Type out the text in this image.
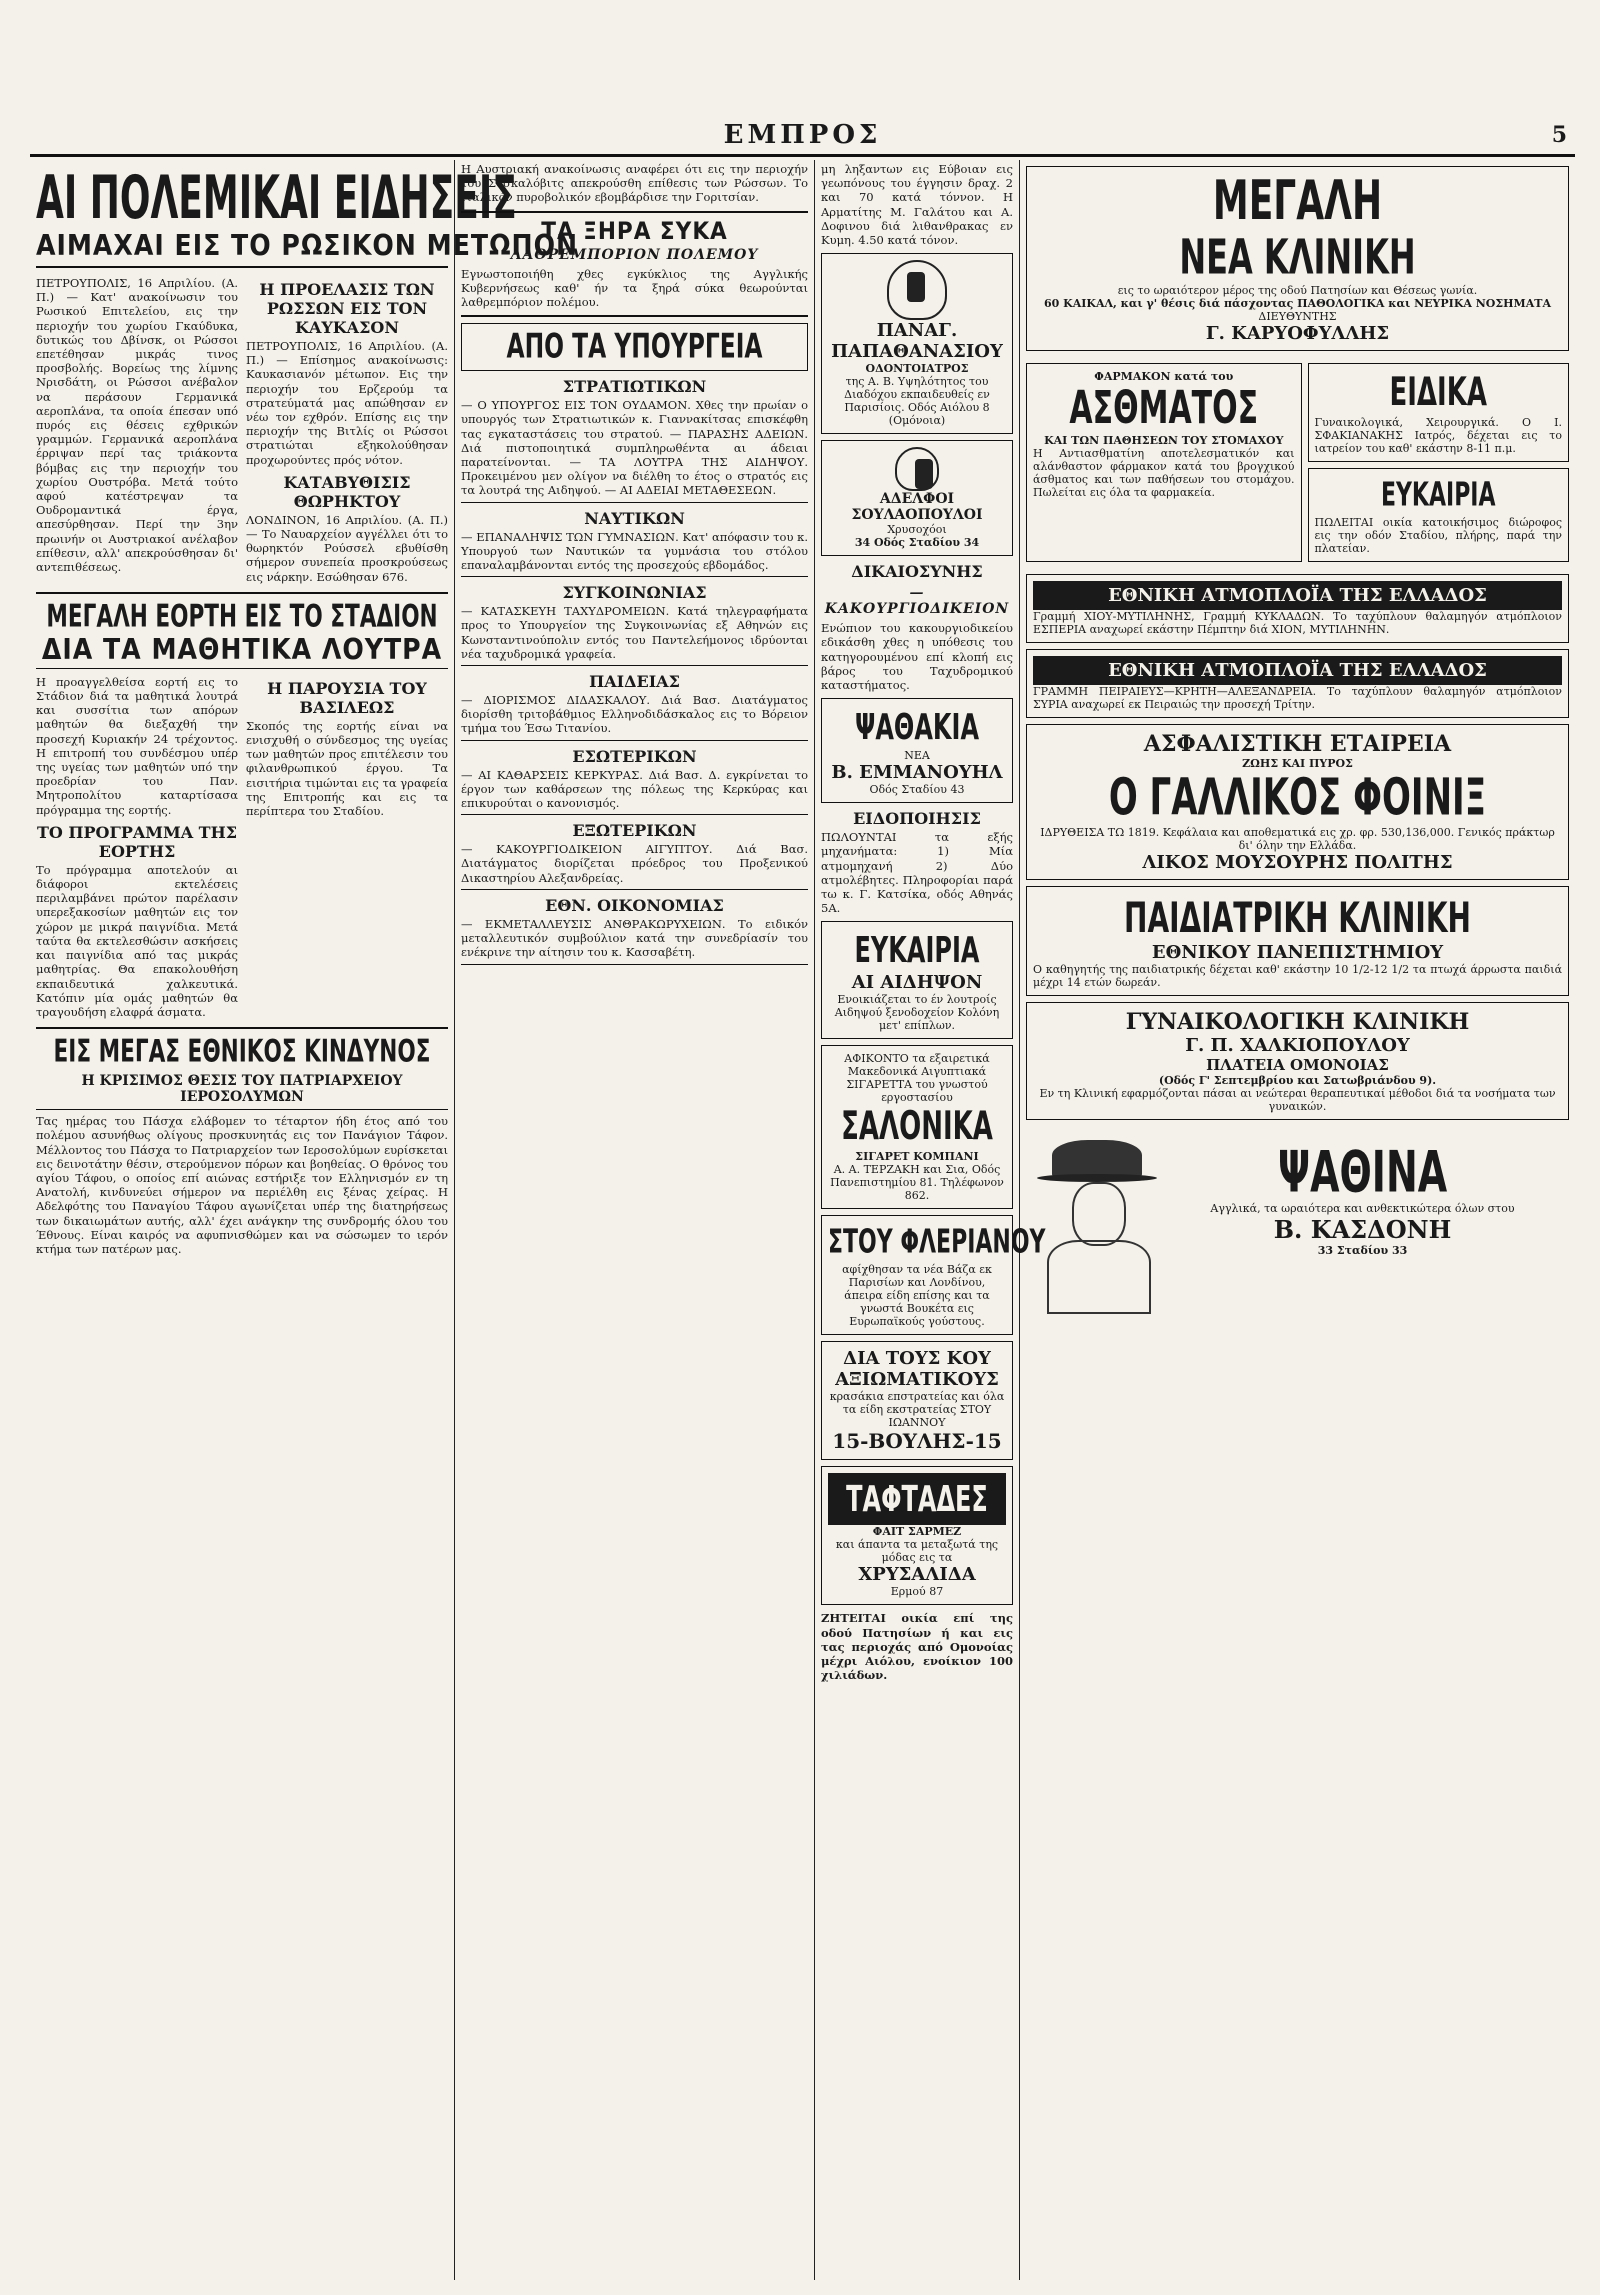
ΕΜΠΡΟΣ	5
ΑΙ ΠΟΛΕΜΙΚΑΙ ΕΙΔΗΣΕΙΣ
ΑΙΜΑΧΑΙ ΕΙΣ ΤΟ ΡΩΣΙΚΟΝ ΜΕΤΩΠΟΝ
ΠΕΤΡΟΥΠΟΛΙΣ, 16 Απριλίου. (Α. Π.) — Κατ' ανακοίνωσιν του Ρωσικού Επιτελείου, εις την περιοχήν του χωρίου Γκαύδυκα, δυτικώς του Δβίνσκ, οι Ρώσσοι επετέθησαν μικράς τινος προσβολής. Βορείως της λίμνης Νρισδάτη, οι Ρώσσοι ανέβαλον να περάσουν Γερμανικά αεροπλάνα, τα οποία έπεσαν υπό πυρός εις θέσεις εχθρικών γραμμών. Γερμανικά αεροπλάνα έρριψαν περί τας τριάκοντα βόμβας εις την περιοχήν του χωρίου Ουστρόβα. Μετά τούτο αφού κατέστρεψαν τα Ουδρομαντικά έργα, απεσύρθησαν. Περί την 3ην πρωινήν οι Αυστριακοί ανέλαβον επίθεσιν, αλλ' απεκρούσθησαν δι' αντεπιθέσεως.
Η ΠΡΟΕΛΑΣΙΣ ΤΩΝ ΡΩΣΣΩΝ ΕΙΣ ΤΟΝ ΚΑΥΚΑΣΟΝ
ΠΕΤΡΟΥΠΟΛΙΣ, 16 Απριλίου. (Α. Π.) — Επίσημος ανακοίνωσις: Καυκασιανόν μέτωπον. Εις την περιοχήν του Ερζερούμ τα στρατεύματά μας απώθησαν εν νέω τον εχθρόν. Επίσης εις την περιοχήν της Βιτλίς οι Ρώσσοι στρατιώται εξηκολούθησαν προχωρούντες πρός νότον.
ΚΑΤΑΒΥΘΙΣΙΣ ΘΩΡΗΚΤΟΥ
ΛΟΝΔΙΝΟΝ, 16 Απριλίου. (Α. Π.) — Το Ναυαρχείον αγγέλλει ότι το θωρηκτόν Ρούσσελ εβυθίσθη σήμερον συνεπεία προσκρούσεως εις νάρκην. Εσώθησαν 676.
ΜΕΓΑΛΗ ΕΟΡΤΗ ΕΙΣ ΤΟ ΣΤΑΔΙΟΝ
ΔΙΑ ΤΑ ΜΑΘΗΤΙΚΑ ΛΟΥΤΡΑ
Η προαγγελθείσα εορτή εις το Στάδιον διά τα μαθητικά λουτρά και συσσίτια των απόρων μαθητών θα διεξαχθή την προσεχή Κυριακήν 24 τρέχοντος. Η επιτροπή του συνδέσμου υπέρ της υγείας των μαθητών υπό την προεδρίαν του Παν. Μητροπολίτου καταρτίσασα πρόγραμμα της εορτής.
ΤΟ ΠΡΟΓΡΑΜΜΑ ΤΗΣ ΕΟΡΤΗΣ
Το πρόγραμμα αποτελούν αι διάφοροι εκτελέσεις περιλαμβάνει πρώτον παρέλασιν υπερεξακοσίων μαθητών εις τον χώρον με μικρά παιγνίδια. Μετά ταύτα θα εκτελεσθώσιν ασκήσεις και παιγνίδια από τας μικράς μαθητρίας. Θα επακολουθήση εκπαιδευτικά χαλκευτικά. Κατόπιν μία ομάς μαθητών θα τραγουδήση ελαφρά άσματα.
Η ΠΑΡΟΥΣΙΑ ΤΟΥ ΒΑΣΙΛΕΩΣ
Σκοπός της εορτής είναι να ενισχυθή ο σύνδεσμος της υγείας των μαθητών προς επιτέλεσιν του φιλανθρωπικού έργου. Τα εισιτήρια τιμώνται εις τα γραφεία της Επιτροπής και εις τα περίπτερα του Σταδίου.
ΕΙΣ ΜΕΓΑΣ ΕΘΝΙΚΟΣ ΚΙΝΔΥΝΟΣ
Η ΚΡΙΣΙΜΟΣ ΘΕΣΙΣ ΤΟΥ ΠΑΤΡΙΑΡΧΕΙΟΥ ΙΕΡΟΣΟΛΥΜΩΝ
Τας ημέρας του Πάσχα ελάβομεν το τέταρτον ήδη έτος από του πολέμου ασυνήθως ολίγους προσκυνητάς εις τον Πανάγιον Τάφον. Μέλλοντος του Πάσχα το Πατριαρχείον των Ιεροσολύμων ευρίσκεται εις δεινοτάτην θέσιν, στερούμενον πόρων και βοηθείας. Ο θρόνος του αγίου Τάφου, ο οποίος επί αιώνας εστήριξε τον Ελληνισμόν εν τη Ανατολή, κινδυνεύει σήμερον να περιέλθη εις ξένας χείρας. Η Αδελφότης του Παναγίου Τάφου αγωνίζεται υπέρ της διατηρήσεως των δικαιωμάτων αυτής, αλλ' έχει ανάγκην της συνδρομής όλου του Έθνους. Είναι καιρός να αφυπνισθώμεν και να σώσωμεν το ιερόν κτήμα των πατέρων μας.
Η Αυστριακή ανακοίνωσις αναφέρει ότι εις την περιοχήν του Σοσκαλόβιτς απεκρούσθη επίθεσις των Ρώσσων. Το Ιταλικόν πυροβολικόν εβομβάρδισε την Γοριτσίαν.
ΤΑ ΞΗΡΑ ΣΥΚΑ
ΛΑΘΡΕΜΠΟΡΙΟΝ ΠΟΛΕΜΟΥ
Εγνωστοποιήθη χθες εγκύκλιος της Αγγλικής Κυβερνήσεως καθ' ήν τα ξηρά σύκα θεωρούνται λαθρεμπόριον πολέμου.
ΑΠΟ ΤΑ ΥΠΟΥΡΓΕΙΑ
ΣΤΡΑΤΙΩΤΙΚΩΝ
— Ο ΥΠΟΥΡΓΟΣ ΕΙΣ ΤΟΝ ΟΥΔΑΜΟΝ. Χθες την πρωίαν ο υπουργός των Στρατιωτικών κ. Γιαννακίτσας επισκέφθη τας εγκαταστάσεις του στρατού. — ΠΑΡΑΣΗΣ ΑΔΕΙΩΝ. Διά πιστοποιητικά συμπληρωθέντα αι άδειαι παρατείνονται. — ΤΑ ΛΟΥΤΡΑ ΤΗΣ ΑΙΔΗΨΟΥ. Προκειμένου μεν ολίγον να διέλθη το έτος ο στρατός εις τα λουτρά της Αιδηψού. — ΑΙ ΑΔΕΙΑΙ ΜΕΤΑΘΕΣΕΩΝ.
ΝΑΥΤΙΚΩΝ
— ΕΠΑΝΑΛΗΨΙΣ ΤΩΝ ΓΥΜΝΑΣΙΩΝ. Κατ' απόφασιν του κ. Υπουργού των Ναυτικών τα γυμνάσια του στόλου επαναλαμβάνονται εντός της προσεχούς εβδομάδος.
ΣΥΓΚΟΙΝΩΝΙΑΣ
— ΚΑΤΑΣΚΕΥΗ ΤΑΧΥΔΡΟΜΕΙΩΝ. Κατά τηλεγραφήματα προς το Υπουργείον της Συγκοινωνίας εξ Αθηνών εις Κωνσταντινούπολιν εντός του Παντελεήμονος ιδρύονται νέα ταχυδρομικά γραφεία.
ΠΑΙΔΕΙΑΣ
— ΔΙΟΡΙΣΜΟΣ ΔΙΔΑΣΚΑΛΟΥ. Διά Βασ. Διατάγματος διορίσθη τριτοβάθμιος Ελληνοδιδάσκαλος εις το Βόρειον τμήμα του Έσω Τιτανίου.
ΕΣΩΤΕΡΙΚΩΝ
— ΑΙ ΚΑΘΑΡΣΕΙΣ ΚΕΡΚΥΡΑΣ. Διά Βασ. Δ. εγκρίνεται το έργον των καθάρσεων της πόλεως της Κερκύρας και επικυρούται ο κανονισμός.
ΕΞΩΤΕΡΙΚΩΝ
— ΚΑΚΟΥΡΓΙΟΔΙΚΕΙΟΝ ΑΙΓΥΠΤΟΥ. Διά Βασ. Διατάγματος διορίζεται πρόεδρος του Προξενικού Δικαστηρίου Αλεξανδρείας.
ΕΘΝ. ΟΙΚΟΝΟΜΙΑΣ
— ΕΚΜΕΤΑΛΛΕΥΣΙΣ ΑΝΘΡΑΚΩΡΥΧΕΙΩΝ. Το ειδικόν μεταλλευτικόν συμβούλιον κατά την συνεδρίασίν του ενέκρινε την αίτησιν του κ. Κασσαβέτη.
μη ληξαντων εις Εύβοιαν εις γεωπόνους του έγγησιν δραχ. 2 και 70 κατά τόννον. Η Αρματίτης Μ. Γαλάτου και Α. Δοφινου διά λιθανθρακας εν Κυμη. 4.50 κατά τόνον.
ΠΑΝΑΓ. ΠΑΠΑΘΑΝΑΣΙΟΥ
ΟΔΟΝΤΟΙΑΤΡΟΣ
της Α. Β. Υψηλότητος του Διαδόχου εκπαιδευθείς εν Παρισίοις. Οδός Αιόλου 8 (Ομόνοια)
ΑΔΕΛΦΟΙ ΣΟΥΛΑΟΠΟΥΛΟΙ
Χρυσοχόοι
34 Οδός Σταδίου 34
ΔΙΚΑΙΟΣΥΝΗΣ
— ΚΑΚΟΥΡΓΙΟΔΙΚΕΙΟΝ
Ενώπιον του κακουργιοδικείου εδικάσθη χθες η υπόθεσις του κατηγορουμένου επί κλοπή εις βάρος του Ταχυδρομικού καταστήματος.
ΨΑΘΑΚΙΑ
ΝΕΑ
Β. ΕΜΜΑΝΟΥΗΛ
Οδός Σταδίου 43
ΕΙΔΟΠΟΙΗΣΙΣ
ΠΩΛΟΥΝΤΑΙ τα εξής μηχανήματα: 1) Μία ατμομηχανή 2) Δύο ατμολέβητες. Πληροφορίαι παρά τω κ. Γ. Κατσίκα, οδός Αθηνάς 5Α.
ΕΥΚΑΙΡΙΑ
ΑΙ ΑΙΔΗΨΟΝ
Ενοικιάζεται το έν λουτροίς Αιδηψού ξενοδοχείον Κολόνη μετ' επίπλων.
ΑΦΙΚΟΝΤΟ τα εξαιρετικά Μακεδονικά Αιγυπτιακά ΣΙΓΑΡΕΤΤΑ του γνωστού εργοστασίου
ΣΑΛΟΝΙΚΑ
ΣΙΓΑΡΕΤ ΚΟΜΠΑΝΙ
Α. Α. ΤΕΡΖΑΚΗ και Σια, Οδός Πανεπιστημίου 81. Τηλέφωνον 862.
ΣΤΟΥ ΦΛΕΡΙΑΝΟΥ
αφίχθησαν τα νέα Βάζα εκ Παρισίων και Λονδίνου, άπειρα είδη επίσης και τα γνωστά Βουκέτα εις Ευρωπαϊκούς γούστους.
ΔΙΑ ΤΟΥΣ ΚΟΥ ΑΞΙΩΜΑΤΙΚΟΥΣ
κρασάκια επστρατείας και όλα τα είδη εκστρατείας ΣΤΟΥ ΙΩΑΝΝΟΥ
15-ΒΟΥΛΗΣ-15
ΤΑΦΤΑΔΕΣ
ΦΑΙΤ ΣΑΡΜΕΖ
και άπαντα τα μεταξωτά της μόδας εις τα
ΧΡΥΣΑΛΙΔΑ
Ερμού 87
ΖΗΤΕΙΤΑΙ οικία επί της οδού Πατησίων ή και εις τας περιοχάς από Ομονοίας μέχρι Αιόλου, ενοίκιον 100 χιλιάδων.
ΜΕΓΑΛΗ
ΝΕΑ ΚΛΙΝΙΚΗ
εις το ωραιότερον μέρος της οδού Πατησίων και Θέσεως γωνία.
60 ΚΑΙΚΑΛ, και γ' θέσις διά πάσχοντας ΠΑΘΟΛΟΓΙΚΑ και ΝΕΥΡΙΚΑ ΝΟΣΗΜΑΤΑ
ΔΙΕΥΘΥΝΤΗΣ
Γ. ΚΑΡΥΟΦΥΛΛΗΣ
ΦΑΡΜΑΚΟΝ κατά του
ΑΣΘΜΑΤΟΣ
ΚΑΙ ΤΩΝ ΠΑΘΗΣΕΩΝ ΤΟΥ ΣΤΟΜΑΧΟΥ
Η Αντιασθματίνη αποτελεσματικόν και αλάνθαστον φάρμακον κατά του βρογχικού άσθματος και των παθήσεων του στομάχου. Πωλείται εις όλα τα φαρμακεία.
ΕΙΔΙΚΑ
Γυναικολογικά, Χειρουργικά. Ο Ι. ΣΦΑΚΙΑΝΑΚΗΣ Ιατρός, δέχεται εις το ιατρείον του καθ' εκάστην 8-11 π.μ.
ΕΥΚΑΙΡΙΑ
ΠΩΛΕΙΤΑΙ οικία κατοικήσιμος διώροφος εις την οδόν Σταδίου, πλήρης, παρά την πλατείαν.
ΕΘΝΙΚΗ ΑΤΜΟΠΛΟΪΑ ΤΗΣ ΕΛΛΑΔΟΣ
Γραμμή ΧΙΟΥ-ΜΥΤΙΛΗΝΗΣ, Γραμμή ΚΥΚΛΑΔΩΝ. Το ταχύπλουν θαλαμηγόν ατμόπλοιον ΕΣΠΕΡΙΑ αναχωρεί εκάστην Πέμπτην διά ΧΙΟΝ, ΜΥΤΙΛΗΝΗΝ.
ΕΘΝΙΚΗ ΑΤΜΟΠΛΟΪΑ ΤΗΣ ΕΛΛΑΔΟΣ
ΓΡΑΜΜΗ ΠΕΙΡΑΙΕΥΣ—ΚΡΗΤΗ—ΑΛΕΞΑΝΔΡΕΙΑ. Το ταχύπλουν θαλαμηγόν ατμόπλοιον ΣΥΡΙΑ αναχωρεί εκ Πειραιώς την προσεχή Τρίτην.
ΑΣΦΑΛΙΣΤΙΚΗ ΕΤΑΙΡΕΙΑ
ΖΩΗΣ ΚΑΙ ΠΥΡΟΣ
Ο ΓΑΛΛΙΚΟΣ ΦΟΙΝΙΞ
ΙΔΡΥΘΕΙΣΑ ΤΩ 1819. Κεφάλαια και αποθεματικά εις χρ. φρ. 530,136,000. Γενικός πράκτωρ δι' όλην την Ελλάδα.
ΛΙΚΟΣ ΜΟΥΣΟΥΡΗΣ ΠΟΛΙΤΗΣ
ΠΑΙΔΙΑΤΡΙΚΗ ΚΛΙΝΙΚΗ
ΕΘΝΙΚΟΥ ΠΑΝΕΠΙΣΤΗΜΙΟΥ
Ο καθηγητής της παιδιατρικής δέχεται καθ' εκάστην 10 1/2-12 1/2 τα πτωχά άρρωστα παιδιά μέχρι 14 ετών δωρεάν.
ΓΥΝΑΙΚΟΛΟΓΙΚΗ ΚΛΙΝΙΚΗ
Γ. Π. ΧΑΛΚΙΟΠΟΥΛΟΥ
ΠΛΑΤΕΙΑ ΟΜΟΝΟΙΑΣ
(Οδός Γ' Σεπτεμβρίου και Σατωβριάνδου 9).
Εν τη Κλινική εφαρμόζονται πάσαι αι νεώτεραι θεραπευτικαί μέθοδοι διά τα νοσήματα των γυναικών.
ΨΑΘΙΝΑ
Αγγλικά, τα ωραιότερα και ανθεκτικώτερα όλων στου
Β. ΚΑΣΔΟΝΗ
33 Σταδίου 33
